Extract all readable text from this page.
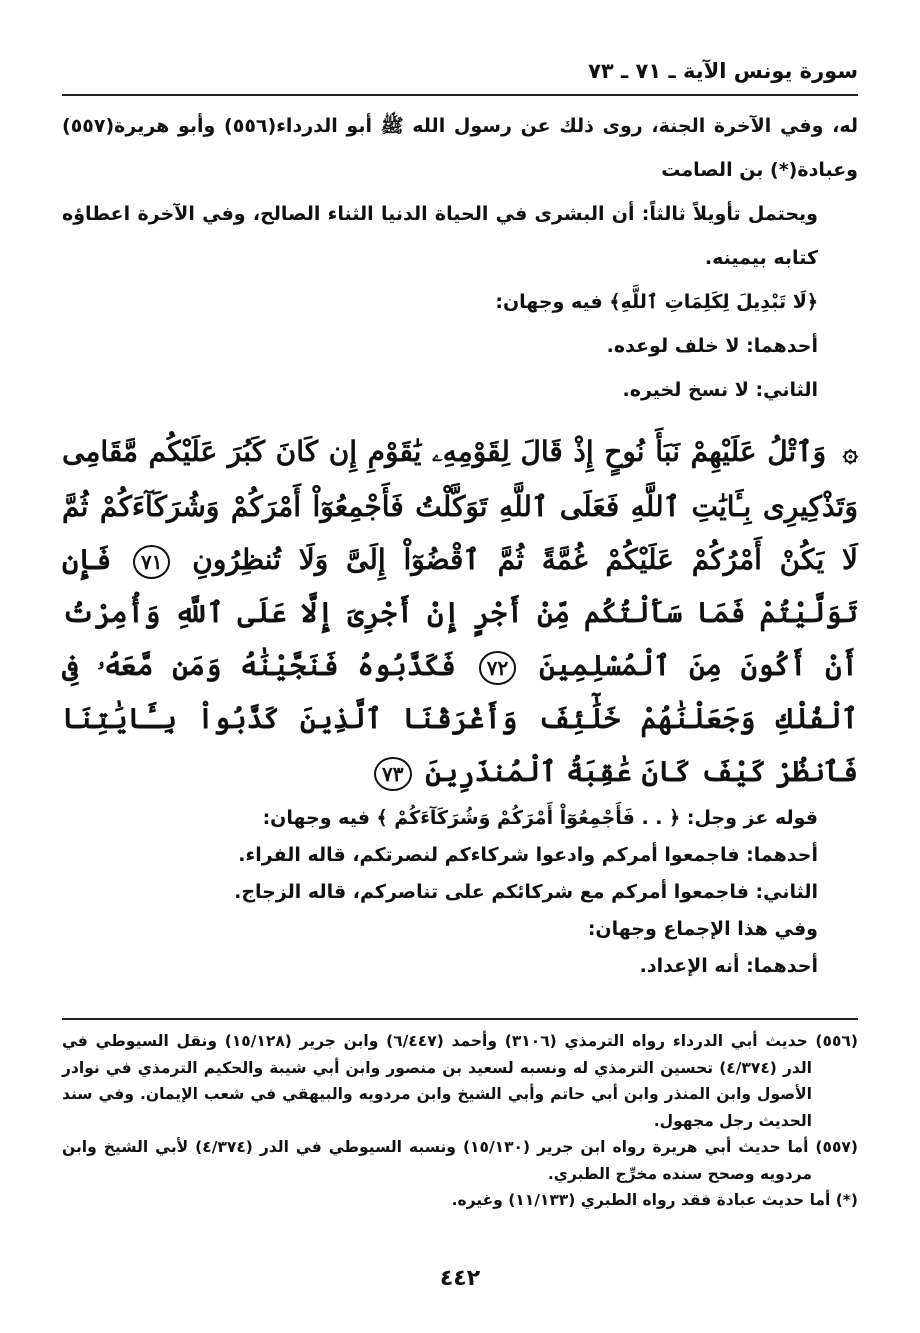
سورة يونس الآية ـ ٧١ ـ ٧٣

له، وفي الآخرة الجنة، روى ذلك عن رسول الله ﷺ أبو الدرداء(٥٥٦) وأبو هريرة(٥٥٧) وعبادة(*) بن الصامت

ويحتمل تأويلاً ثالثاً: أن البشرى في الحياة الدنيا الثناء الصالح، وفي الآخرة اعطاؤه كتابه بيمينه.

﴿لَا تَبْدِيلَ لِكَلِمَاتِ ٱللَّهِ﴾ فيه وجهان:

أحدهما: لا خلف لوعده.

الثاني: لا نسخ لخيره.

۞ وَٱتْلُ عَلَيْهِمْ نَبَأَ نُوحٍ إِذْ قَالَ لِقَوْمِهِۦ يَٰقَوْمِ إِن كَانَ كَبُرَ عَلَيْكُم مَّقَامِى وَتَذْكِيرِى بِـَٔايَٰتِ ٱللَّهِ فَعَلَى ٱللَّهِ تَوَكَّلْتُ فَأَجْمِعُوٓاْ أَمْرَكُمْ وَشُرَكَآءَكُمْ ثُمَّ لَا يَكُنْ أَمْرُكُمْ عَلَيْكُمْ غُمَّةً ثُمَّ ٱقْضُوٓاْ إِلَىَّ وَلَا تُنظِرُونِ ٧١ فَإِن تَوَلَّيْتُمْ فَمَا سَأَلْتُكُم مِّنْ أَجْرٍ إِنْ أَجْرِىَ إِلَّا عَلَى ٱللَّهِ وَأُمِرْتُ أَنْ أَكُونَ مِنَ ٱلْمُسْلِمِينَ ٧٢ فَكَذَّبُوهُ فَنَجَّيْنَٰهُ وَمَن مَّعَهُۥ فِى ٱلْفُلْكِ وَجَعَلْنَٰهُمْ خَلَٰٓئِفَ وَأَغْرَقْنَا ٱلَّذِينَ كَذَّبُواْ بِـَٔايَٰتِنَا فَٱنظُرْ كَيْفَ كَانَ عَٰقِبَةُ ٱلْمُنذَرِينَ ٧٣

قوله عز وجل: ﴿ . . فَأَجْمِعُوٓاْ أَمْرَكُمْ وَشُرَكَآءَكُمْ ﴾ فيه وجهان:

أحدهما: فاجمعوا أمركم وادعوا شركاءكم لنصرتكم، قاله الفراء.

الثاني: فاجمعوا أمركم مع شركائكم على تناصركم، قاله الزجاج.

وفي هذا الإجماع وجهان:

أحدهما: أنه الإعداد.

(٥٥٦) حديث أبي الدرداء رواه الترمذي (٣١٠٦) وأحمد (٦/٤٤٧) وابن جرير (١٥/١٢٨) ونقل السيوطي في الدر (٤/٣٧٤) تحسين الترمذي له ونسبه لسعيد بن منصور وابن أبي شيبة والحكيم الترمذي في نوادر الأصول وابن المنذر وابن أبي حاتم وأبي الشيخ وابن مردويه والبيهقي في شعب الإيمان. وفي سند الحديث رجل مجهول.

(٥٥٧) أما حديث أبي هريرة رواه ابن جرير (١٥/١٣٠) ونسبه السيوطي في الدر (٤/٣٧٤) لأبي الشيخ وابن مردويه وصحح سنده مخرِّج الطبري.

(*) أما حديث عبادة فقد رواه الطبري (١١/١٣٣) وغيره.

٤٤٢
